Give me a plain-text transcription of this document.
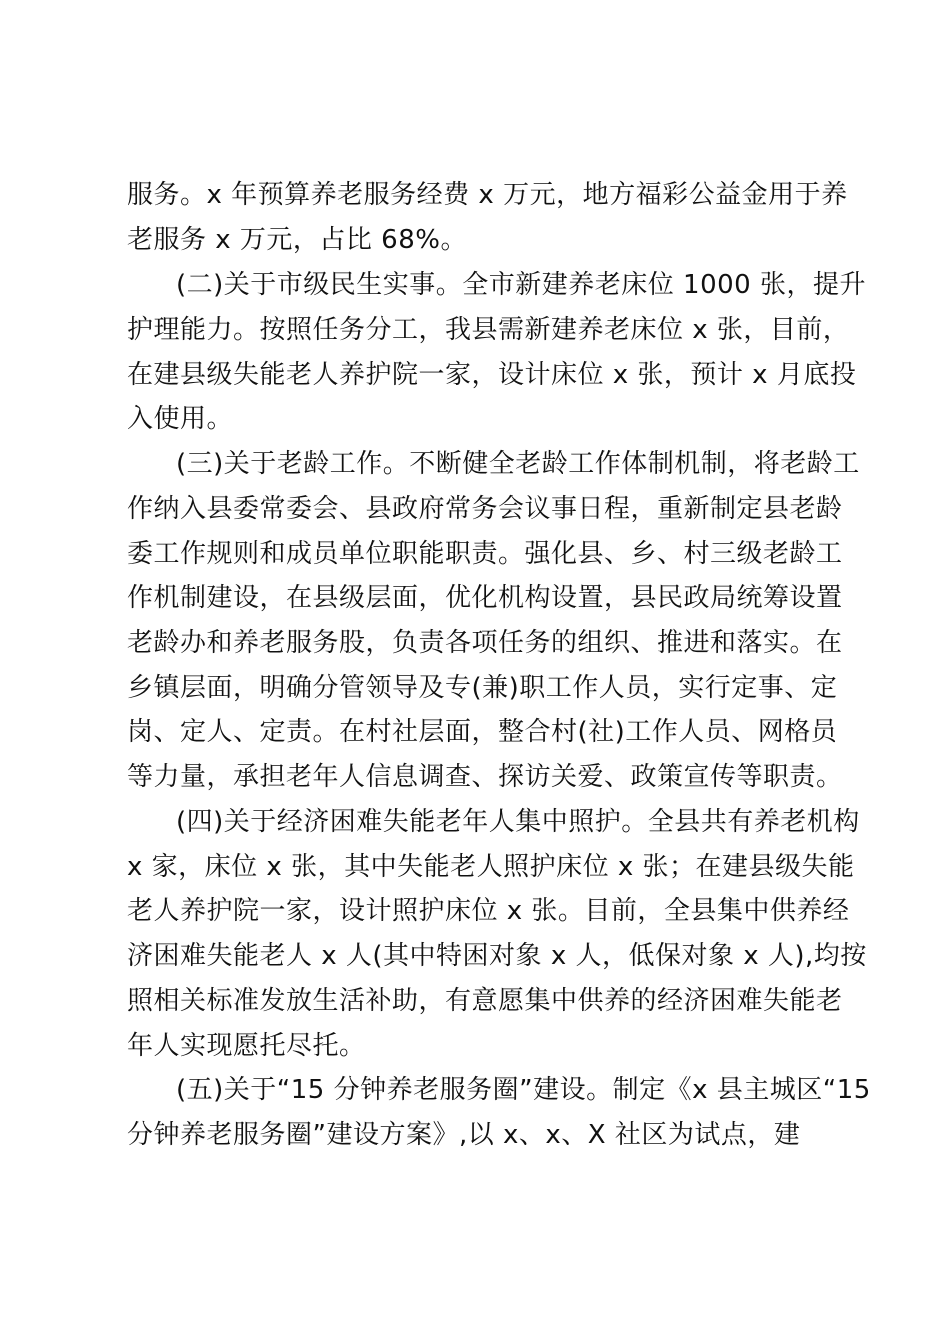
服务。x 年预算养老服务经费 x 万元，地方福彩公益金用于养
老服务 x 万元，占比 68%。
(二)关于市级民生实事。全市新建养老床位 1000 张，提升
护理能力。按照任务分工，我县需新建养老床位 x 张，目前，
在建县级失能老人养护院一家，设计床位 x 张，预计 x 月底投
入使用。
(三)关于老龄工作。不断健全老龄工作体制机制，将老龄工
作纳入县委常委会、县政府常务会议事日程，重新制定县老龄
委工作规则和成员单位职能职责。强化县、乡、村三级老龄工
作机制建设，在县级层面，优化机构设置，县民政局统筹设置
老龄办和养老服务股，负责各项任务的组织、推进和落实。在
乡镇层面，明确分管领导及专(兼)职工作人员，实行定事、定
岗、定人、定责。在村社层面，整合村(社)工作人员、网格员
等力量，承担老年人信息调查、探访关爱、政策宣传等职责。
(四)关于经济困难失能老年人集中照护。全县共有养老机构
x 家，床位 x 张，其中失能老人照护床位 x 张；在建县级失能
老人养护院一家，设计照护床位 x 张。目前，全县集中供养经
济困难失能老人 x 人(其中特困对象 x 人，低保对象 x 人),均按
照相关标准发放生活补助，有意愿集中供养的经济困难失能老
年人实现愿托尽托。
(五)关于“15 分钟养老服务圈”建设。制定《x 县主城区“15
分钟养老服务圈”建设方案》,以 x、x、X 社区为试点，建
